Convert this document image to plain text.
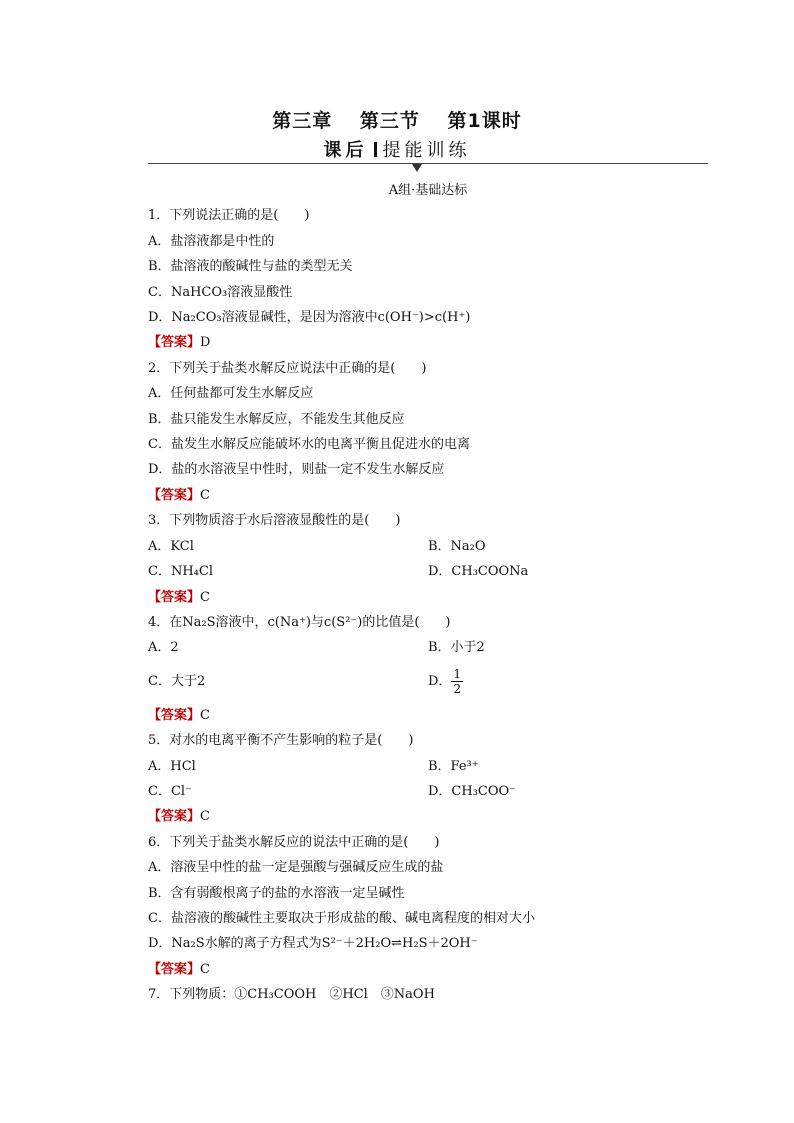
第三章 第三节 第1课时
课后 提能训练
A组·基础达标
1．下列说法正确的是(　　)
A．盐溶液都是中性的
B．盐溶液的酸碱性与盐的类型无关
C．NaHCO₃溶液显酸性
D．Na₂CO₃溶液显碱性，是因为溶液中c(OH⁻)>c(H⁺)
【答案】D
2．下列关于盐类水解反应说法中正确的是(　　)
A．任何盐都可发生水解反应
B．盐只能发生水解反应，不能发生其他反应
C．盐发生水解反应能破坏水的电离平衡且促进水的电离
D．盐的水溶液呈中性时，则盐一定不发生水解反应
【答案】C
3．下列物质溶于水后溶液显酸性的是(　　)
A．KCl	B．Na₂O
C．NH₄Cl	D．CH₃COONa
【答案】C
4．在Na₂S溶液中，c(Na⁺)与c(S²⁻)的比值是(　　)
A．2	B．小于2
C．大于2	D． $\frac{1}{2}$
【答案】C
5．对水的电离平衡不产生影响的粒子是(　　)
A．HCl	B．Fe³⁺
C．Cl⁻	D．CH₃COO⁻
【答案】C
6．下列关于盐类水解反应的说法中正确的是(　　)
A．溶液呈中性的盐一定是强酸与强碱反应生成的盐
B．含有弱酸根离子的盐的水溶液一定呈碱性
C．盐溶液的酸碱性主要取决于形成盐的酸、碱电离程度的相对大小
D．Na₂S水解的离子方程式为S²⁻＋2H₂O⇌H₂S＋2OH⁻
【答案】C
7．下列物质：①CH₃COOH　②HCl　③NaOH
